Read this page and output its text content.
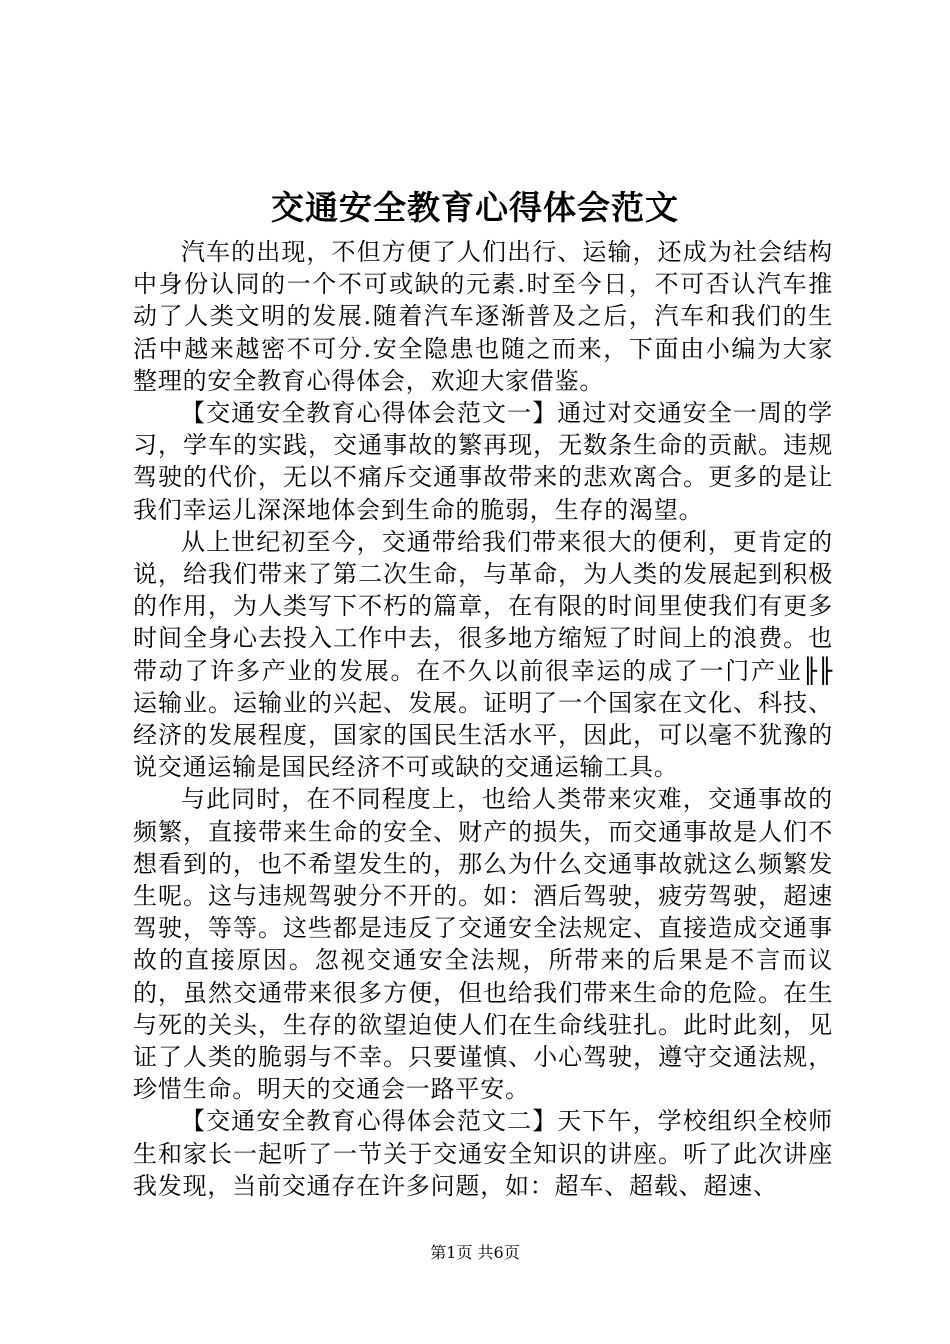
交通安全教育心得体会范文

汽车的出现，不但方便了人们出行、运输，还成为社会结构中身份认同的一个不可或缺的元素.时至今日，不可否认汽车推动了人类文明的发展.随着汽车逐渐普及之后，汽车和我们的生活中越来越密不可分.安全隐患也随之而来，下面由小编为大家整理的安全教育心得体会，欢迎大家借鉴。

【交通安全教育心得体会范文一】通过对交通安全一周的学习，学车的实践，交通事故的繁再现，无数条生命的贡献。违规驾驶的代价，无以不痛斥交通事故带来的悲欢离合。更多的是让我们幸运儿深深地体会到生命的脆弱，生存的渴望。

从上世纪初至今，交通带给我们带来很大的便利，更肯定的说，给我们带来了第二次生命，与革命，为人类的发展起到积极的作用，为人类写下不朽的篇章，在有限的时间里使我们有更多时间全身心去投入工作中去，很多地方缩短了时间上的浪费。也带动了许多产业的发展。在不久以前很幸运的成了一门产业╟╟运输业。运输业的兴起、发展。证明了一个国家在文化、科技、经济的发展程度，国家的国民生活水平，因此，可以毫不犹豫的说交通运输是国民经济不可或缺的交通运输工具。

与此同时，在不同程度上，也给人类带来灾难，交通事故的频繁，直接带来生命的安全、财产的损失，而交通事故是人们不想看到的，也不希望发生的，那么为什么交通事故就这么频繁发生呢。这与违规驾驶分不开的。如：酒后驾驶，疲劳驾驶，超速驾驶，等等。这些都是违反了交通安全法规定、直接造成交通事故的直接原因。忽视交通安全法规，所带来的后果是不言而议的，虽然交通带来很多方便，但也给我们带来生命的危险。在生与死的关头，生存的欲望迫使人们在生命线驻扎。此时此刻，见证了人类的脆弱与不幸。只要谨慎、小心驾驶，遵守交通法规，珍惜生命。明天的交通会一路平安。

【交通安全教育心得体会范文二】天下午，学校组织全校师生和家长一起听了一节关于交通安全知识的讲座。听了此次讲座我发现，当前交通存在许多问题，如：超车、超载、超速、

第1页 共6页
